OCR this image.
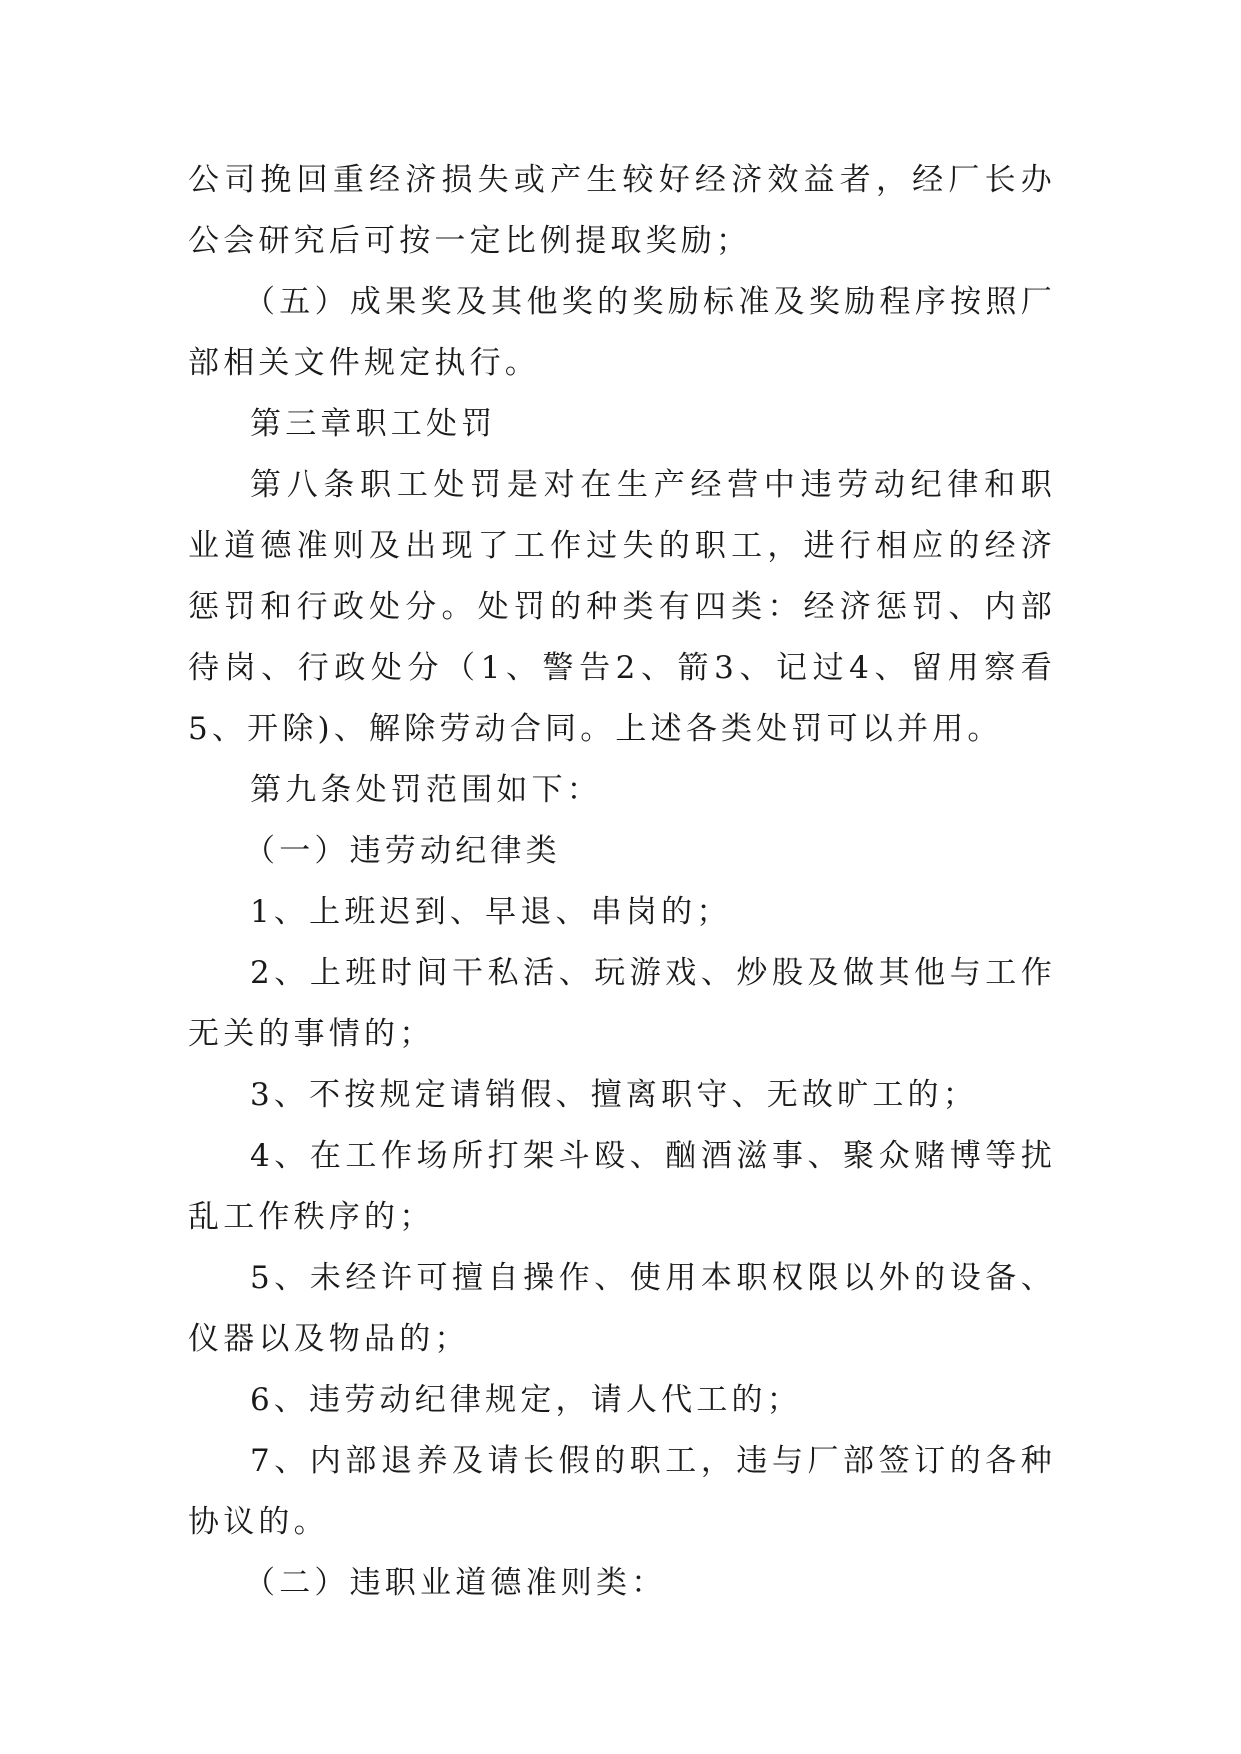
公司挽回重经济损失或产生较好经济效益者，经厂长办公会研究后可按一定比例提取奖励；

（五）成果奖及其他奖的奖励标准及奖励程序按照厂部相关文件规定执行。

第三章职工处罚

第八条职工处罚是对在生产经营中违劳动纪律和职业道德准则及出现了工作过失的职工，进行相应的经济惩罚和行政处分。处罚的种类有四类：经济惩罚、内部待岗、行政处分（1、警告2、箭3、记过4、留用察看5、开除)、解除劳动合同。上述各类处罚可以并用。

第九条处罚范围如下：

（一）违劳动纪律类

1、上班迟到、早退、串岗的；

2、上班时间干私活、玩游戏、炒股及做其他与工作无关的事情的；

3、不按规定请销假、擅离职守、无故旷工的；

4、在工作场所打架斗殴、酗酒滋事、聚众赌博等扰乱工作秩序的；

5、未经许可擅自操作、使用本职权限以外的设备、仪器以及物品的；

6、违劳动纪律规定，请人代工的；

7、内部退养及请长假的职工，违与厂部签订的各种协议的。

（二）违职业道德准则类：
